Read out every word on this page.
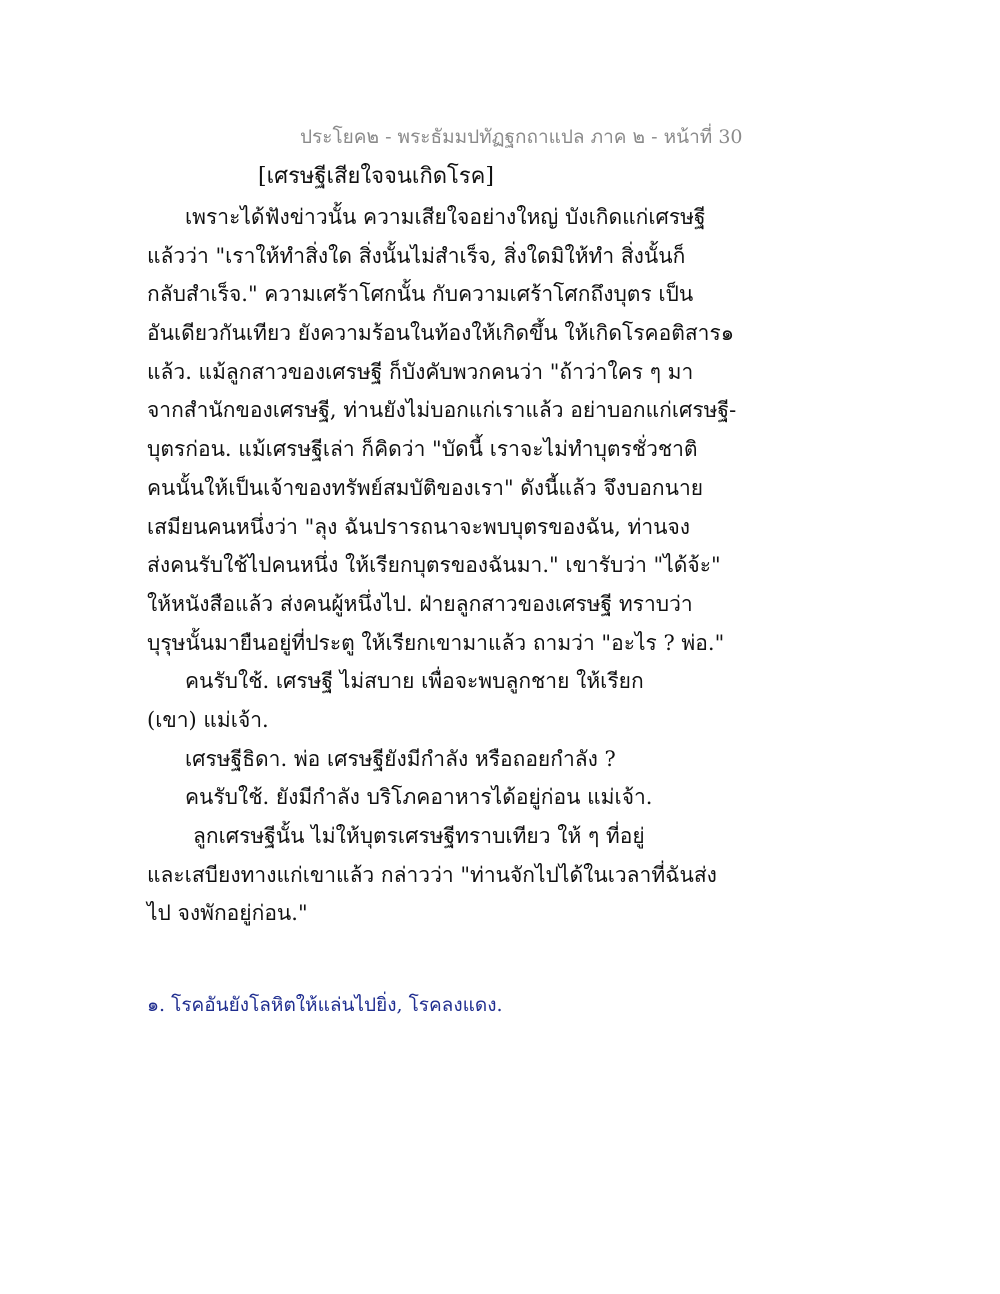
ประโยค๒ - พระธัมมปทัฏฐกถาแปล ภาค ๒ - หน้าที่ 30
[เศรษฐีเสียใจจนเกิดโรค]
เพราะได้ฟังข่าวนั้น ความเสียใจอย่างใหญ่ บังเกิดแก่เศรษฐี
แล้วว่า "เราให้ทำสิ่งใด สิ่งนั้นไม่สำเร็จ, สิ่งใดมิให้ทำ สิ่งนั้นก็
กลับสำเร็จ." ความเศร้าโศกนั้น กับความเศร้าโศกถึงบุตร เป็น
อันเดียวกันเทียว ยังความร้อนในท้องให้เกิดขึ้น ให้เกิดโรคอติสาร๑
แล้ว. แม้ลูกสาวของเศรษฐี ก็บังคับพวกคนว่า "ถ้าว่าใคร ๆ มา
จากสำนักของเศรษฐี, ท่านยังไม่บอกแก่เราแล้ว อย่าบอกแก่เศรษฐี-
บุตรก่อน. แม้เศรษฐีเล่า ก็คิดว่า "บัดนี้ เราจะไม่ทำบุตรชั่วชาติ
คนนั้นให้เป็นเจ้าของทรัพย์สมบัติของเรา" ดังนี้แล้ว จึงบอกนาย
เสมียนคนหนึ่งว่า "ลุง ฉันปรารถนาจะพบบุตรของฉัน, ท่านจง
ส่งคนรับใช้ไปคนหนึ่ง ให้เรียกบุตรของฉันมา." เขารับว่า "ได้จ้ะ"
ให้หนังสือแล้ว ส่งคนผู้หนึ่งไป. ฝ่ายลูกสาวของเศรษฐี ทราบว่า
บุรุษนั้นมายืนอยู่ที่ประตู ให้เรียกเขามาแล้ว ถามว่า "อะไร ? พ่อ."
คนรับใช้. เศรษฐี ไม่สบาย เพื่อจะพบลูกชาย ให้เรียก
(เขา) แม่เจ้า.
เศรษฐีธิดา. พ่อ เศรษฐียังมีกำลัง หรือถอยกำลัง ?
คนรับใช้. ยังมีกำลัง บริโภคอาหารได้อยู่ก่อน แม่เจ้า.
ลูกเศรษฐีนั้น ไม่ให้บุตรเศรษฐีทราบเทียว ให้ ๆ ที่อยู่
และเสบียงทางแก่เขาแล้ว กล่าวว่า "ท่านจักไปได้ในเวลาที่ฉันส่ง
ไป จงพักอยู่ก่อน."
๑. โรคอันยังโลหิตให้แล่นไปยิ่ง, โรคลงแดง.
